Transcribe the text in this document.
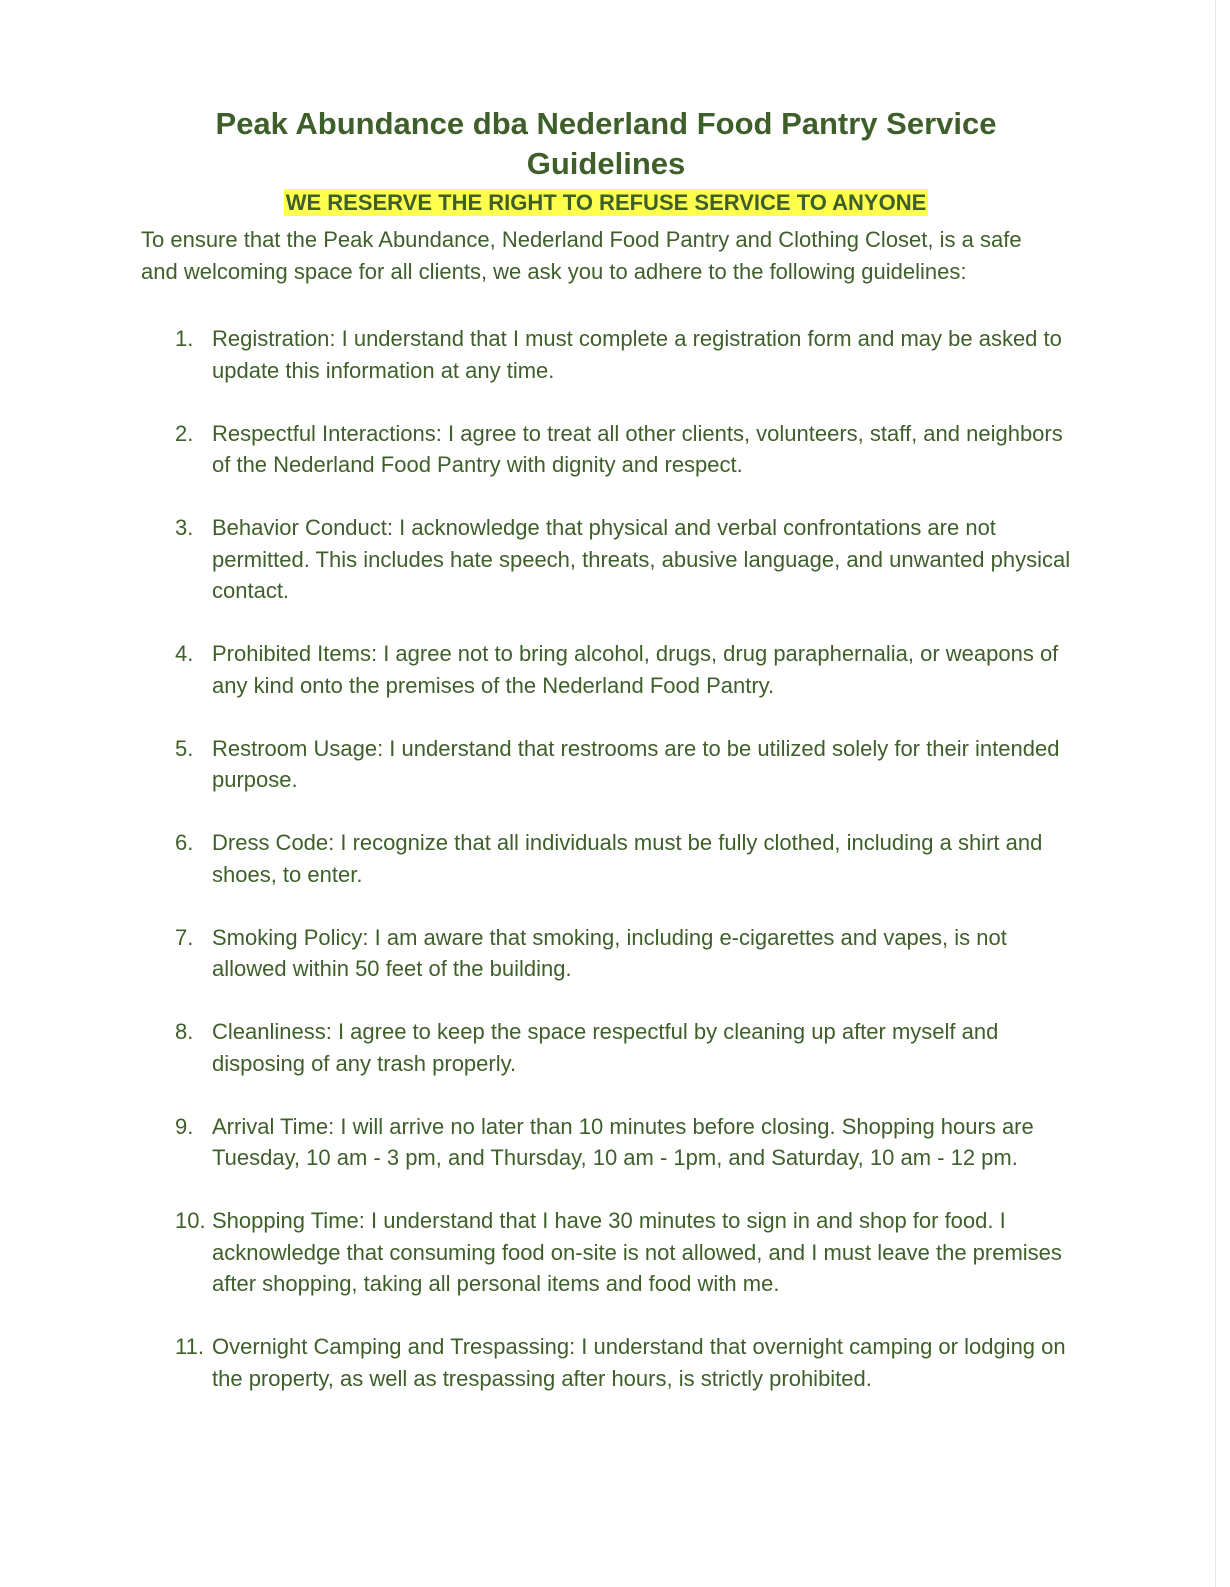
Peak Abundance dba Nederland Food Pantry Service Guidelines
WE RESERVE THE RIGHT TO REFUSE SERVICE TO ANYONE

To ensure that the Peak Abundance, Nederland Food Pantry and Clothing Closet, is a safe and welcoming space for all clients, we ask you to adhere to the following guidelines:

1. Registration: I understand that I must complete a registration form and may be asked to update this information at any time.
2. Respectful Interactions: I agree to treat all other clients, volunteers, staff, and neighbors of the Nederland Food Pantry with dignity and respect.
3. Behavior Conduct: I acknowledge that physical and verbal confrontations are not permitted. This includes hate speech, threats, abusive language, and unwanted physical contact.
4. Prohibited Items: I agree not to bring alcohol, drugs, drug paraphernalia, or weapons of any kind onto the premises of the Nederland Food Pantry.
5. Restroom Usage: I understand that restrooms are to be utilized solely for their intended purpose.
6. Dress Code: I recognize that all individuals must be fully clothed, including a shirt and shoes, to enter.
7. Smoking Policy: I am aware that smoking, including e-cigarettes and vapes, is not allowed within 50 feet of the building.
8. Cleanliness: I agree to keep the space respectful by cleaning up after myself and disposing of any trash properly.
9. Arrival Time: I will arrive no later than 10 minutes before closing. Shopping hours are Tuesday, 10 am - 3 pm, and Thursday, 10 am - 1pm, and Saturday, 10 am - 12 pm.
10. Shopping Time: I understand that I have 30 minutes to sign in and shop for food. I acknowledge that consuming food on-site is not allowed, and I must leave the premises after shopping, taking all personal items and food with me.
11. Overnight Camping and Trespassing: I understand that overnight camping or lodging on the property, as well as trespassing after hours, is strictly prohibited.
